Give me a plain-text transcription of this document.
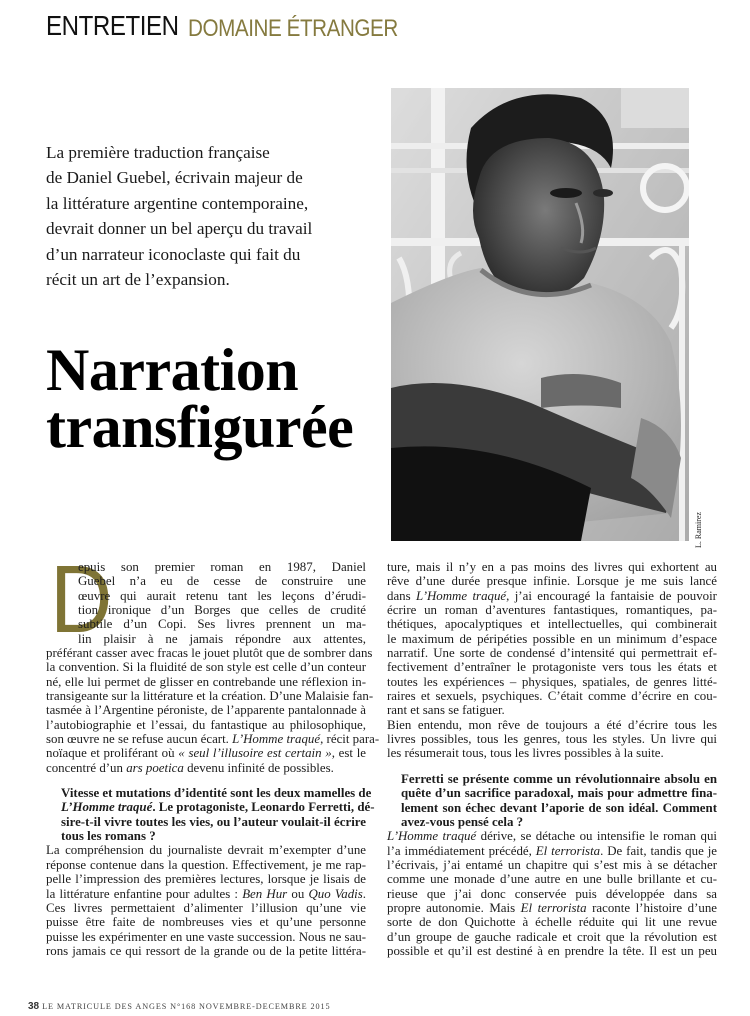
ENTRETIEN DOMAINE ÉTRANGER
La première traduction française
de Daniel Guebel, écrivain majeur de
la littérature argentine contemporaine,
devrait donner un bel aperçu du travail
d’un narrateur iconoclaste qui fait du
récit un art de l’expansion.
Narration
transfigurée
L. Ramirez
D
epuis son premier roman en 1987, Daniel
Guebel n’a eu de cesse de construire une
œuvre qui aurait retenu tant les leçons d’érudi-
tion ironique d’un Borges que celles de crudité
subtile d’un Copi. Ses livres prennent un ma-
lin plaisir à ne jamais répondre aux attentes,
préférant casser avec fracas le jouet plutôt que de sombrer dans
la convention. Si la fluidité de son style est celle d’un conteur
né, elle lui permet de glisser en contrebande une réflexion in-
transigeante sur la littérature et la création. D’une Malaisie fan-
tasmée à l’Argentine péroniste, de l’apparente pantalonnade à
l’autobiographie et l’essai, du fantastique au philosophique,
son œuvre ne se refuse aucun écart. L’Homme traqué, récit para-
noïaque et proliférant où « seul l’illusoire est certain », est le
concentré d’un ars poetica devenu infinité de possibles.
Vitesse et mutations d’identité sont les deux mamelles de
L’Homme traqué. Le protagoniste, Leonardo Ferretti, dé-
sire-t-il vivre toutes les vies, ou l’auteur voulait-il écrire
tous les romans ?
La compréhension du journaliste devrait m’exempter d’une
réponse contenue dans la question. Effectivement, je me rap-
pelle l’impression des premières lectures, lorsque je lisais de
la littérature enfantine pour adultes : Ben Hur ou Quo Vadis.
Ces livres permettaient d’alimenter l’illusion qu’une vie
puisse être faite de nombreuses vies et qu’une personne
puisse les expérimenter en une vaste succession. Nous ne sau-
rons jamais ce qui ressort de la grande ou de la petite littéra-
ture, mais il n’y en a pas moins des livres qui exhortent au
rêve d’une durée presque infinie. Lorsque je me suis lancé
dans L’Homme traqué, j’ai encouragé la fantaisie de pouvoir
écrire un roman d’aventures fantastiques, romantiques, pa-
thétiques, apocalyptiques et intellectuelles, qui combinerait
le maximum de péripéties possible en un minimum d’espace
narratif. Une sorte de condensé d’intensité qui permettrait ef-
fectivement d’entraîner le protagoniste vers tous les états et
toutes les expériences – physiques, spatiales, de genres litté-
raires et sexuels, psychiques. C’était comme d’écrire en cou-
rant et sans se fatiguer.
Bien entendu, mon rêve de toujours a été d’écrire tous les
livres possibles, tous les genres, tous les styles. Un livre qui
les résumerait tous, tous les livres possibles à la suite.
Ferretti se présente comme un révolutionnaire absolu en
quête d’un sacrifice paradoxal, mais pour admettre fina-
lement son échec devant l’aporie de son idéal. Comment
avez-vous pensé cela ?
L’Homme traqué dérive, se détache ou intensifie le roman qui
l’a immédiatement précédé, El terrorista. De fait, tandis que je
l’écrivais, j’ai entamé un chapitre qui s’est mis à se détacher
comme une monade d’une autre en une bulle brillante et cu-
rieuse que j’ai donc conservée puis développée dans sa
propre autonomie. Mais El terrorista raconte l’histoire d’une
sorte de don Quichotte à échelle réduite qui lit une revue
d’un groupe de gauche radicale et croit que la révolution est
possible et qu’il est destiné à en prendre la tête. Il est un peu
38 LE MATRICULE DES ANGES N°168 NOVEMBRE-DECEMBRE 2015
